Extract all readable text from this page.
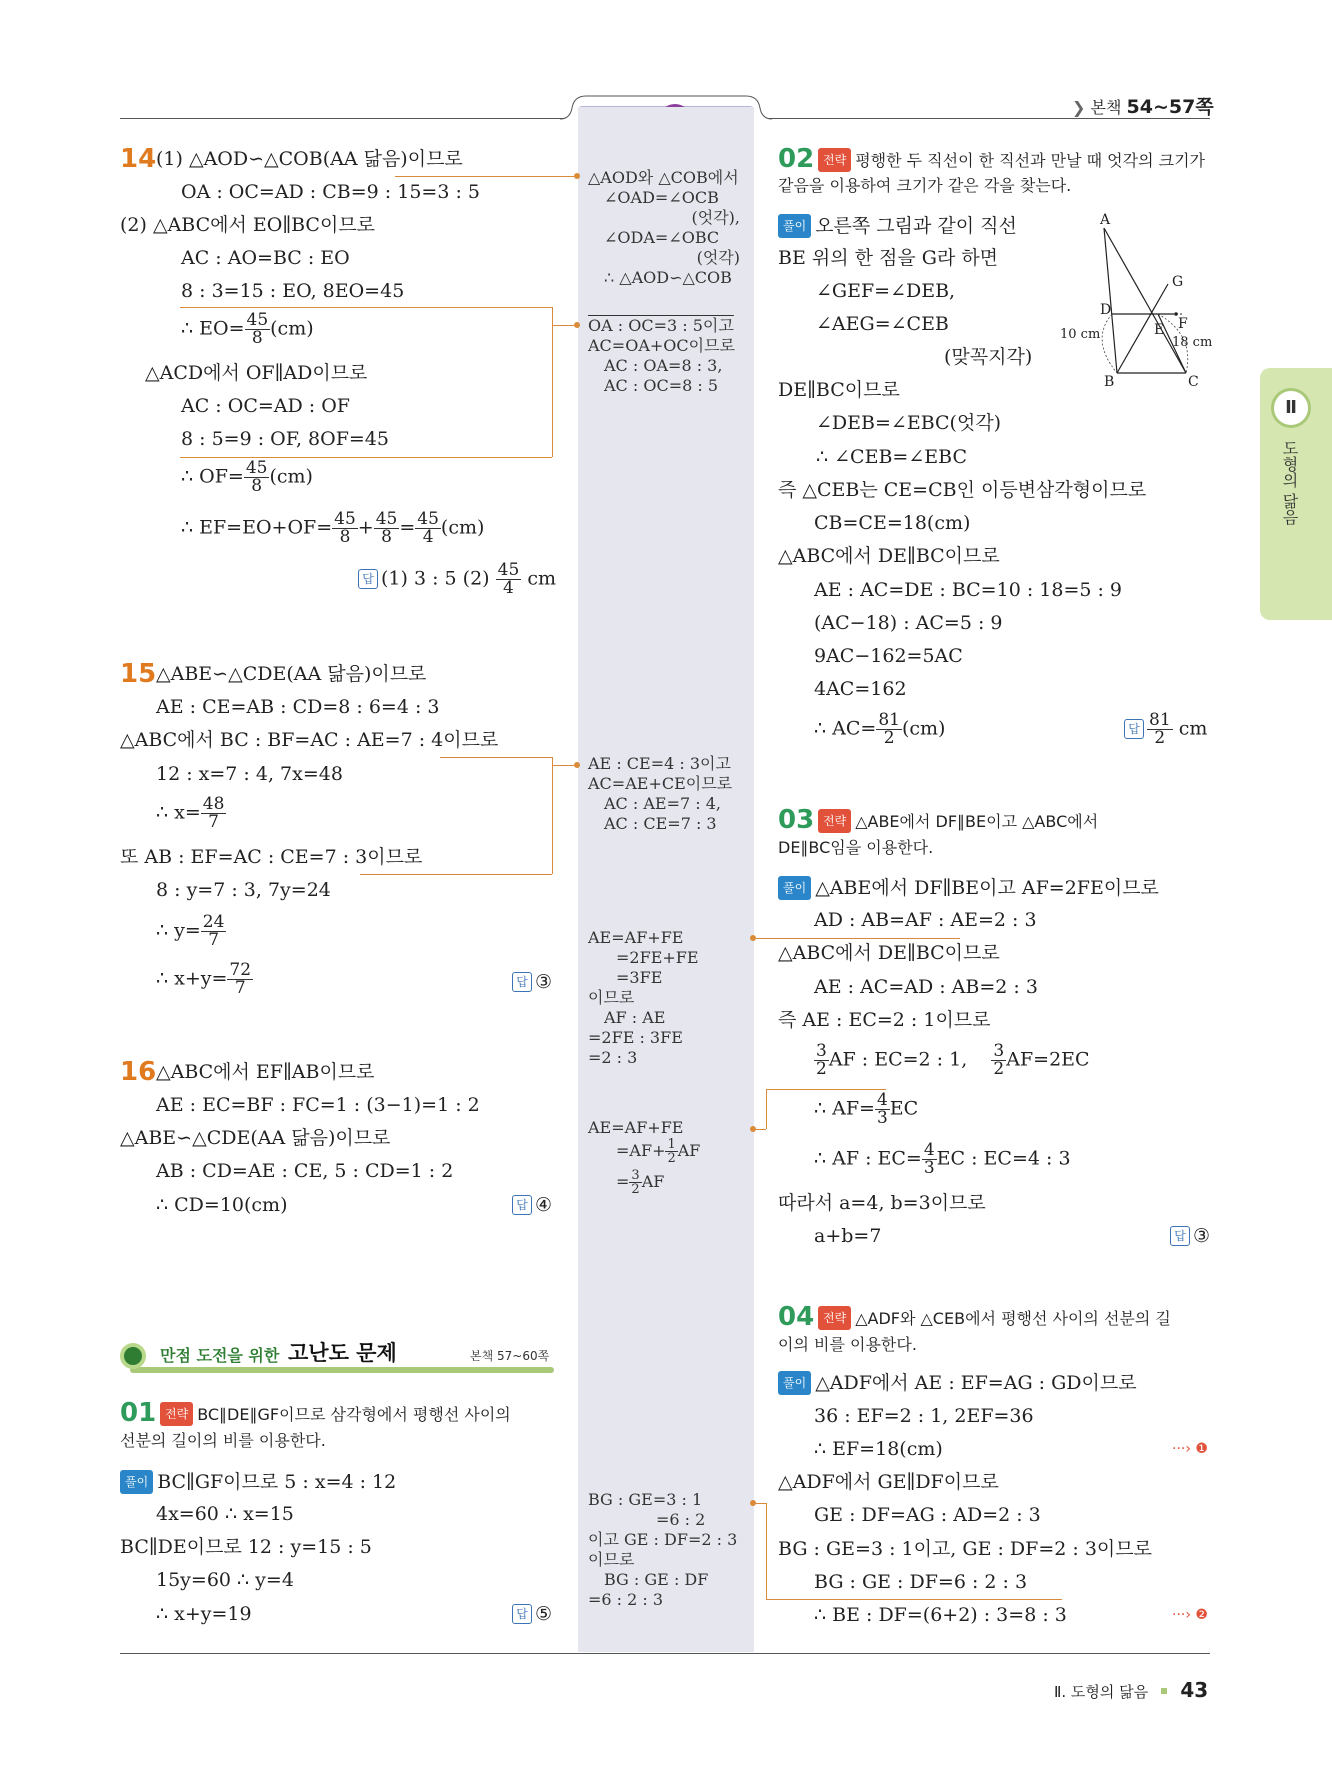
❯ 본책 54~57쪽
Ⅱ
도형의 닮음
△AOD와 △COB에서
∠OAD=∠OCB
(엇각),
∠ODA=∠OBC
(엇각)
∴ △AOD∽△COB
OA : OC=3 : 5이고
AC=OA+OC이므로
AC : OA=8 : 3,
AC : OC=8 : 5
AE : CE=4 : 3이고
AC=AE+CE이므로
AC : AE=7 : 4,
AC : CE=7 : 3
AE=AF+FE
=2FE+FE
=3FE
이므로
AF : AE
=2FE : 3FE
=2 : 3
AE=AF+FE
$=AF+ \frac{1}{2}$ AF
= $\frac{3}{2}$ AF
BG : GE=3 : 1
=6 : 2
이고 GE : DF=2 : 3
이므로
BG : GE : DF
=6 : 2 : 3
14 (1) △AOD∽△COB(AA 닮음)이므로
OA : OC=AD : CB=9 : 15=3 : 5
(2) △ABC에서 EO∥BC이므로
AC : AO=BC : EO
8 : 3=15 : EO, 8EO=45
∴ $EO= \frac{45}{8} (cm)$
△ACD에서 OF∥AD이므로
AC : OC=AD : OF
8 : 5=9 : OF, 8OF=45
∴ $OF= \frac{45}{8} (cm)$
∴ $EF=EO+OF= \frac{45}{8} + \frac{45}{8} = \frac{45}{4} (cm)$
답 (1) 3 : 5 $(2) \frac{45}{4}$ cm
15 △ABE∽△CDE(AA 닮음)이므로
AE : CE=AB : CD=8 : 6=4 : 3
△ABC에서 BC : BF=AC : AE=7 : 4이므로
12 : x=7 : 4, 7x=48
∴ $x= \frac{48}{7}$
또 AB : EF=AC : CE=7 : 3이므로
8 : y=7 : 3, 7y=24
∴ $y= \frac{24}{7}$
∴ $x+y= \frac{72}{7}$	답 ③
16 △ABC에서 EF∥AB이므로
AE : EC=BF : FC=1 : (3−1)=1 : 2
△ABE∽△CDE(AA 닮음)이므로
AB : CD=AE : CE, 5 : CD=1 : 2
∴ CD=10(cm)	답 ④
만점 도전을 위한 고난도 문제	본책 57~60쪽
01 전략 BC∥DE∥GF이므로 삼각형에서 평행선 사이의
선분의 길이의 비를 이용한다.
풀이 BC∥GF이므로 5 : x=4 : 12
4x=60 ∴ x=15
BC∥DE이므로 12 : y=15 : 5
15y=60 ∴ y=4
∴ x+y=19	답 ⑤
02 전략 평행한 두 직선이 한 직선과 만날 때 엇각의 크기가
같음을 이용하여 크기가 같은 각을 찾는다.
풀이 오른쪽 그림과 같이 직선
BE 위의 한 점을 G라 하면
∠GEF=∠DEB,
∠AEG=∠CEB
(맞꼭지각)
DE∥BC이므로
∠DEB=∠EBC(엇각)
∴ ∠CEB=∠EBC
즉 △CEB는 CE=CB인 이등변삼각형이므로
CB=CE=18(cm)
△ABC에서 DE∥BC이므로
AE : AC=DE : BC=10 : 18=5 : 9
(AC−18) : AC=5 : 9
9AC−162=5AC
4AC=162
∴ $AC= \frac{81}{2} (cm)$	답 $\frac{81}{2}$ cm
A
B	C
D
E F
G
10 cm
18 cm
03 전략 △ABE에서 DF∥BE이고 △ABC에서
DE∥BC임을 이용한다.
풀이 △ABE에서 DF∥BE이고 AF=2FE이므로
AD : AB=AF : AE=2 : 3
△ABC에서 DE∥BC이므로
AE : AC=AD : AB=2 : 3
즉 AE : EC=2 : 1이므로
$\frac{3}{2}$ AF : EC=2 : 1, $\frac{3}{2} AF=2EC$
∴ $AF= \frac{4}{3}$ EC
∴ AF : $EC= \frac{4}{3}$ EC : EC=4 : 3
따라서 a=4, b=3이므로
a+b=7	답 ③
04 전략 △ADF와 △CEB에서 평행선 사이의 선분의 길
이의 비를 이용한다.
풀이 △ADF에서 AE : EF=AG : GD이므로
36 : EF=2 : 1, 2EF=36
∴ EF=18(cm)	···› ❶
△ADF에서 GE∥DF이므로
GE : DF=AG : AD=2 : 3
BG : GE=3 : 1이고, GE : DF=2 : 3이므로
BG : GE : DF=6 : 2 : 3
∴ BE : DF=(6+2) : 3=8 : 3	···› ❷
Ⅱ. 도형의 닮음 43
